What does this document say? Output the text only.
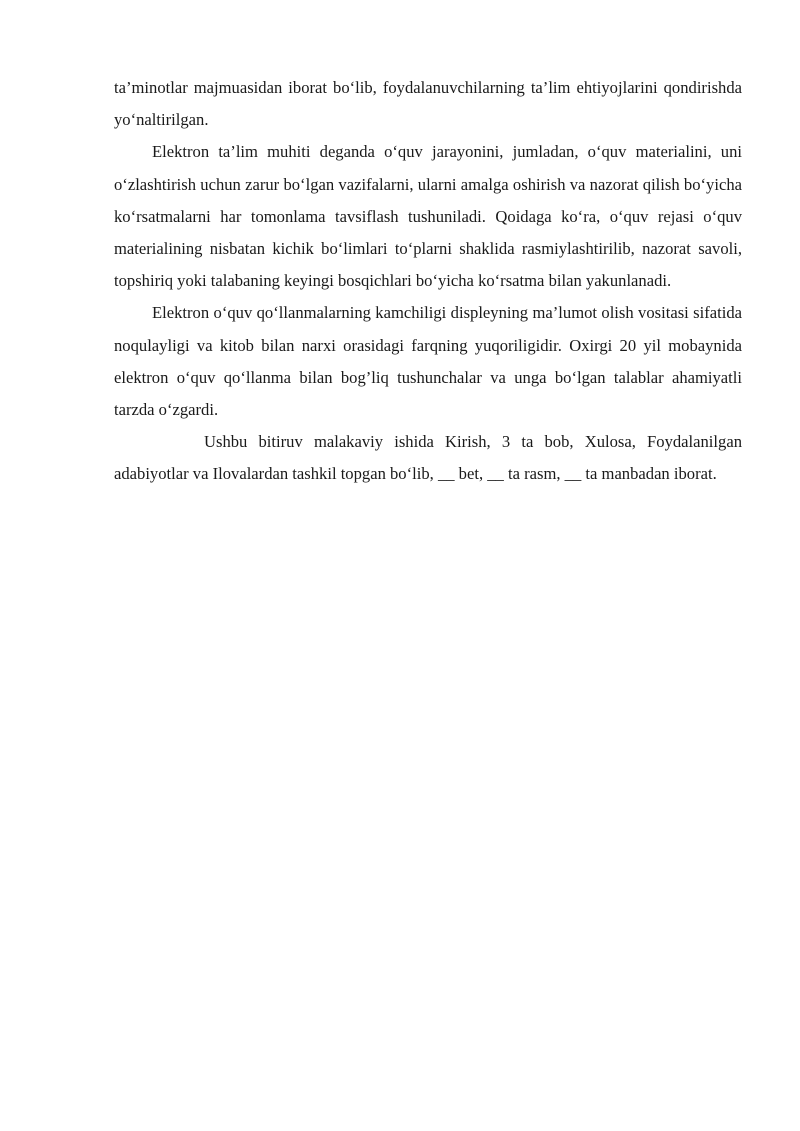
ta’minotlar majmuasidan iborat bo‘lib, foydalanuvchilarning ta’lim ehtiyojlarini qondirishda yo‘naltirilgan.

Elektron ta’lim muhiti deganda o‘quv jarayonini, jumladan, o‘quv materialini, uni o‘zlashtirish uchun zarur bo‘lgan vazifalarni, ularni amalga oshirish va nazorat qilish bo‘yicha ko‘rsatmalarni har tomonlama tavsiflash tushuniladi. Qoidaga ko‘ra, o‘quv rejasi o‘quv materialining nisbatan kichik bo‘limlari to‘plarni shaklida rasmiylashtirilib, nazorat savoli, topshiriq yoki talabaning keyingi bosqichlari bo‘yicha ko‘rsatma bilan yakunlanadi.

Elektron o‘quv qo‘llanmalarning kamchiligi displeyning ma’lumot olish vositasi sifatida noqulayligi va kitob bilan narxi orasidagi farqning yuqoriligidir. Oxirgi 20 yil mobaynida elektron o‘quv qo‘llanma bilan bog’liq tushunchalar va unga bo‘lgan talablar ahamiyatli tarzda o‘zgardi.

Ushbu bitiruv malakaviy ishida Kirish, 3 ta bob, Xulosa, Foydalanilgan adabiyotlar va Ilovalardan tashkil topgan bo‘lib, __ bet, __ ta rasm, __ ta manbadan iborat.
